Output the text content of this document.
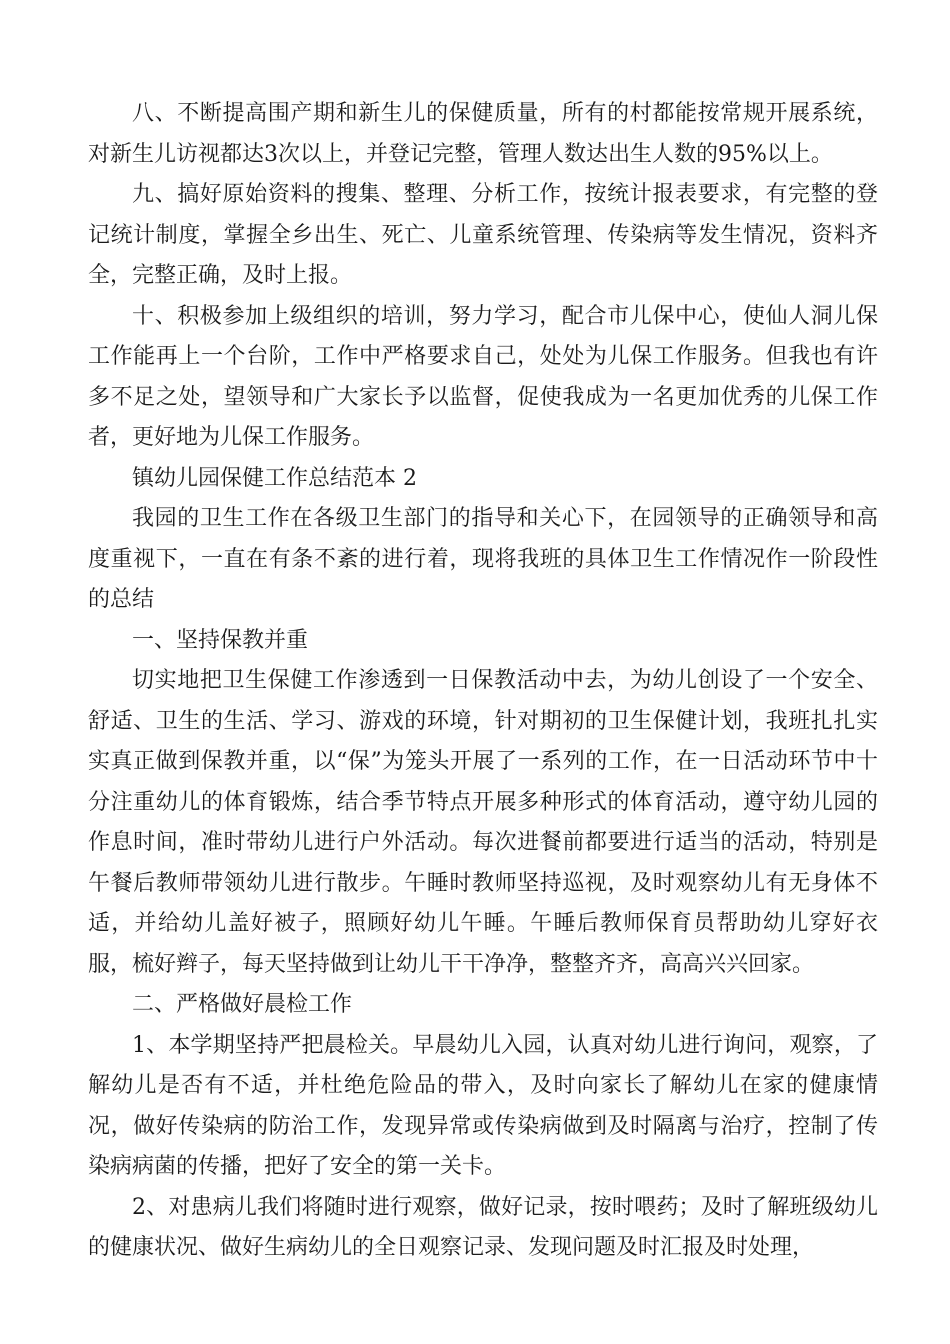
八、不断提高围产期和新生儿的保健质量，所有的村都能按常规开展系统，对新生儿访视都达3次以上，并登记完整，管理人数达出生人数的95%以上。

九、搞好原始资料的搜集、整理、分析工作，按统计报表要求，有完整的登记统计制度，掌握全乡出生、死亡、儿童系统管理、传染病等发生情况，资料齐全，完整正确，及时上报。

十、积极参加上级组织的培训，努力学习，配合市儿保中心，使仙人洞儿保工作能再上一个台阶，工作中严格要求自己，处处为儿保工作服务。但我也有许多不足之处，望领导和广大家长予以监督，促使我成为一名更加优秀的儿保工作者，更好地为儿保工作服务。

镇幼儿园保健工作总结范本 2

我园的卫生工作在各级卫生部门的指导和关心下，在园领导的正确领导和高度重视下，一直在有条不紊的进行着，现将我班的具体卫生工作情况作一阶段性的总结

一、坚持保教并重

切实地把卫生保健工作渗透到一日保教活动中去，为幼儿创设了一个安全、舒适、卫生的生活、学习、游戏的环境，针对期初的卫生保健计划，我班扎扎实实真正做到保教并重，以“保”为笼头开展了一系列的工作，在一日活动环节中十分注重幼儿的体育锻炼，结合季节特点开展多种形式的体育活动，遵守幼儿园的作息时间，准时带幼儿进行户外活动。每次进餐前都要进行适当的活动，特别是午餐后教师带领幼儿进行散步。午睡时教师坚持巡视，及时观察幼儿有无身体不适，并给幼儿盖好被子，照顾好幼儿午睡。午睡后教师保育员帮助幼儿穿好衣服，梳好辫子，每天坚持做到让幼儿干干净净，整整齐齐，高高兴兴回家。

二、严格做好晨检工作

1、本学期坚持严把晨检关。早晨幼儿入园，认真对幼儿进行询问，观察，了解幼儿是否有不适，并杜绝危险品的带入，及时向家长了解幼儿在家的健康情况，做好传染病的防治工作，发现异常或传染病做到及时隔离与治疗，控制了传染病病菌的传播，把好了安全的第一关卡。

2、对患病儿我们将随时进行观察，做好记录，按时喂药；及时了解班级幼儿的健康状况、做好生病幼儿的全日观察记录、发现问题及时汇报及时处理，
